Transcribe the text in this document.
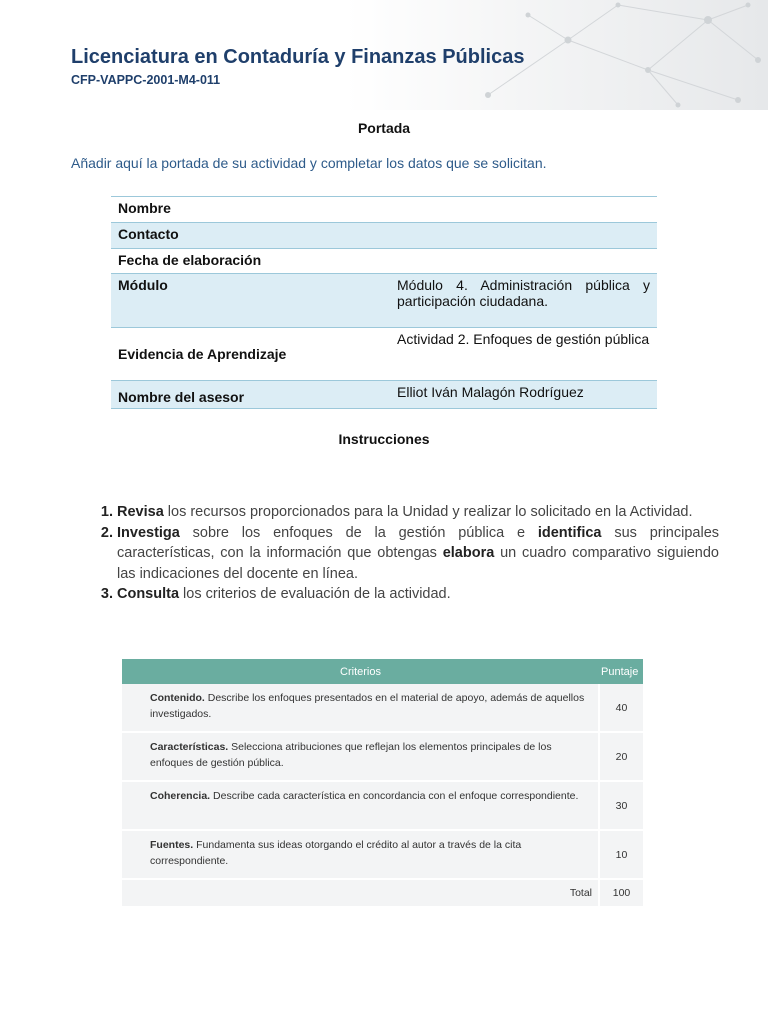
Licenciatura en Contaduría y Finanzas Públicas
CFP-VAPPC-2001-M4-011
Portada
Añadir aquí la portada de su actividad y completar los datos que se solicitan.
Nombre	
Contacto	
Fecha de elaboración	
Módulo	Módulo 4. Administración pública y participación ciudadana.
Evidencia de Aprendizaje	Actividad 2. Enfoques de gestión pública
Nombre del asesor	Elliot Iván Malagón Rodríguez
Instrucciones
1. Revisa los recursos proporcionados para la Unidad y realizar lo solicitado en la Actividad.
2. Investiga sobre los enfoques de la gestión pública e identifica sus principales características, con la información que obtengas elabora un cuadro comparativo siguiendo las indicaciones del docente en línea.
3. Consulta los criterios de evaluación de la actividad.
Criterios	Puntaje
Contenido. Describe los enfoques presentados en el material de apoyo, además de aquellos investigados.	40
Características. Selecciona atribuciones que reflejan los elementos principales de los enfoques de gestión pública.	20
Coherencia. Describe cada característica en concordancia con el enfoque correspondiente.	30
Fuentes. Fundamenta sus ideas otorgando el crédito al autor a través de la cita correspondiente.	10
Total	100
